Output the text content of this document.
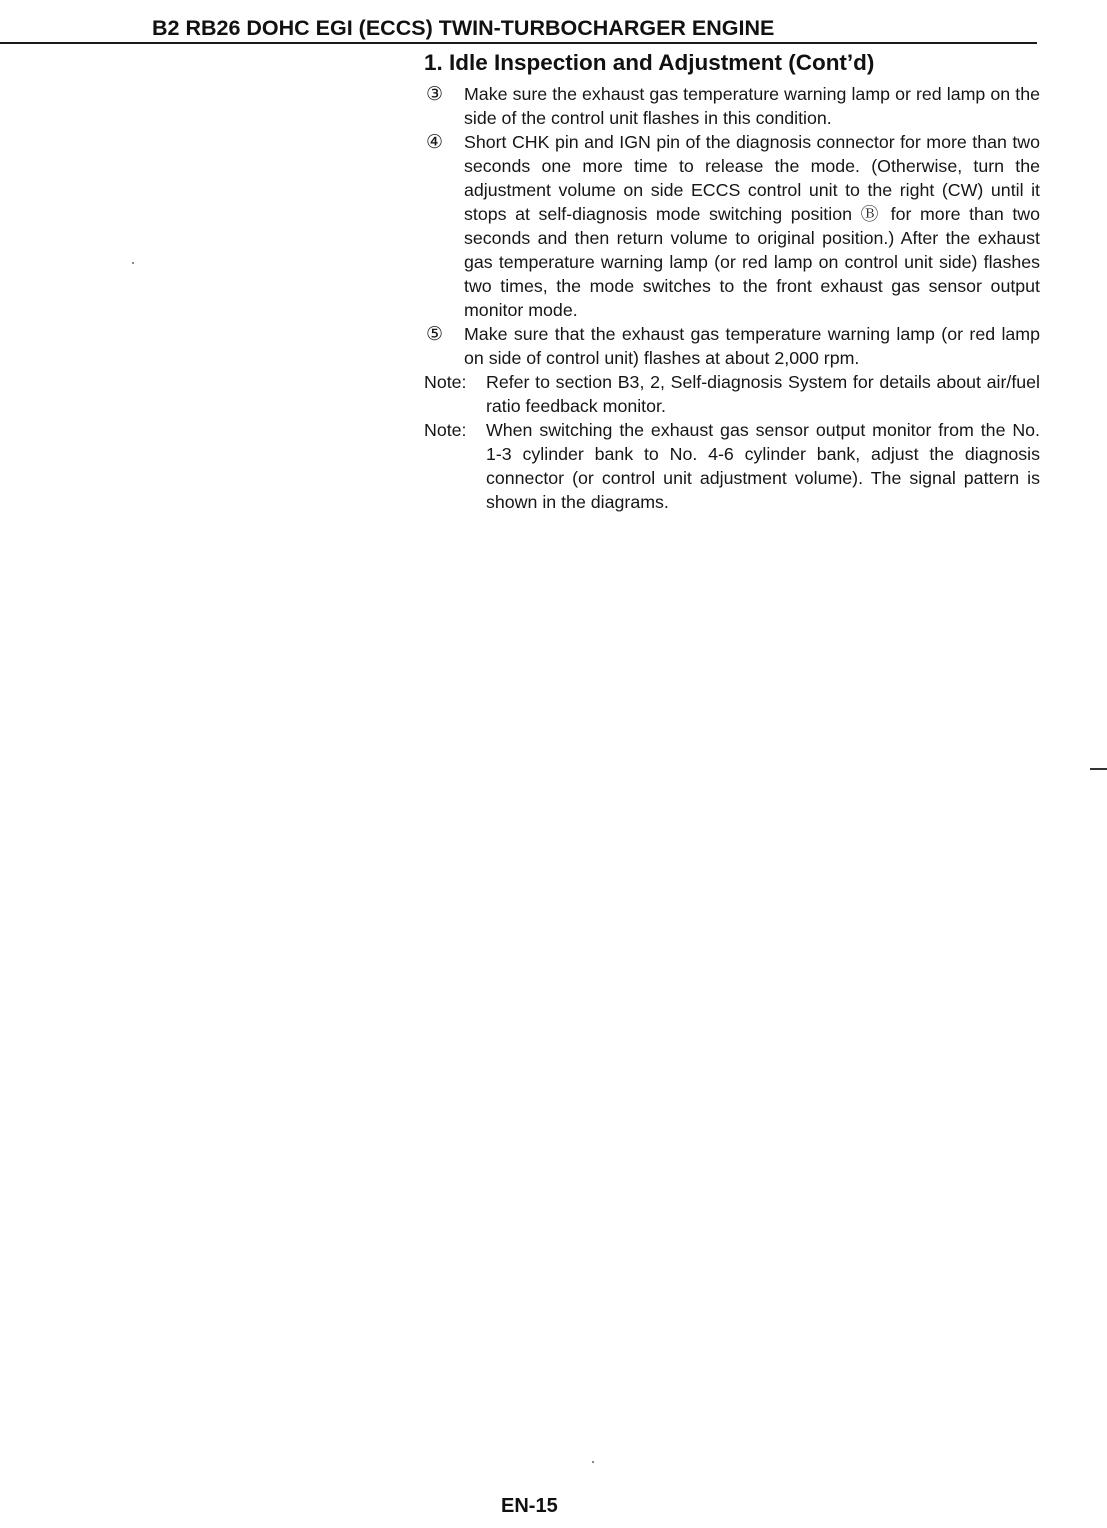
B2 RB26 DOHC EGI (ECCS) TWIN-TURBOCHARGER ENGINE
1. Idle Inspection and Adjustment (Cont’d)
③ Make sure the exhaust gas temperature warning lamp or red lamp on the side of the control unit flashes in this condition.
④ Short CHK pin and IGN pin of the diagnosis connector for more than two seconds one more time to release the mode. (Otherwise, turn the adjustment volume on side ECCS control unit to the right (CW) until it stops at self-diagnosis mode switching position Ⓑ for more than two seconds and then return volume to original position.) After the exhaust gas temperature warning lamp (or red lamp on control unit side) flashes two times, the mode switches to the front exhaust gas sensor output monitor mode.
⑤ Make sure that the exhaust gas temperature warning lamp (or red lamp on side of control unit) flashes at about 2,000 rpm.
Note: Refer to section B3, 2, Self-diagnosis System for details about air/fuel ratio feedback monitor.
Note: When switching the exhaust gas sensor output monitor from the No. 1-3 cylinder bank to No. 4-6 cylinder bank, adjust the diagnosis connector (or control unit adjustment volume). The signal pattern is shown in the diagrams.
EN-15
